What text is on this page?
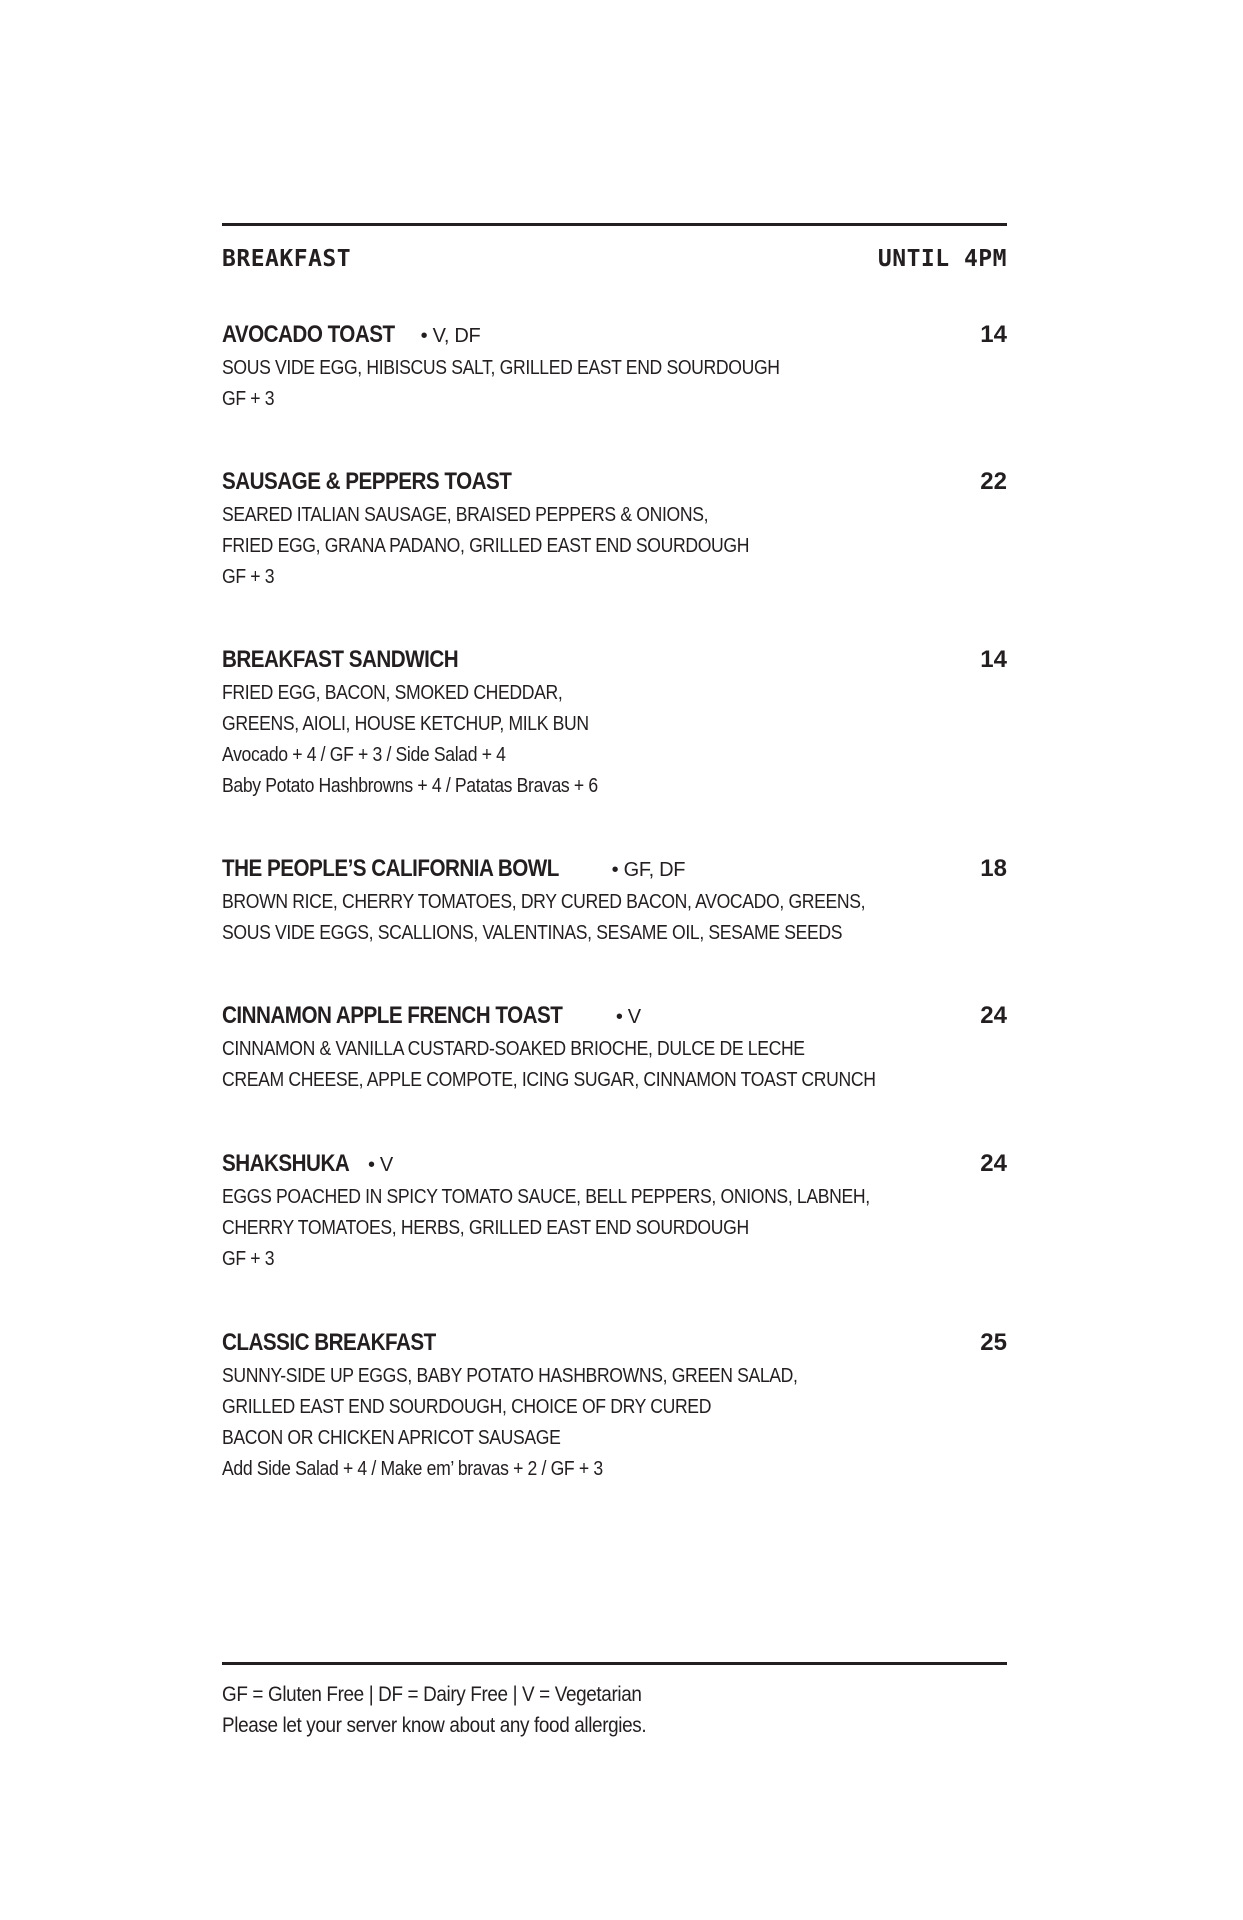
BREAKFAST	UNTIL 4PM
AVOCADO TOAST • V, DF	14
SOUS VIDE EGG, HIBISCUS SALT, GRILLED EAST END SOURDOUGH
GF + 3
SAUSAGE & PEPPERS TOAST	22
SEARED ITALIAN SAUSAGE, BRAISED PEPPERS & ONIONS,
FRIED EGG, GRANA PADANO, GRILLED EAST END SOURDOUGH
GF + 3
BREAKFAST SANDWICH	14
FRIED EGG, BACON, SMOKED CHEDDAR,
GREENS, AIOLI, HOUSE KETCHUP, MILK BUN
Avocado + 4 / GF + 3 / Side Salad + 4
Baby Potato Hashbrowns + 4 / Patatas Bravas + 6
THE PEOPLE’S CALIFORNIA BOWL	• GF, DF	18
BROWN RICE, CHERRY TOMATOES, DRY CURED BACON, AVOCADO, GREENS,
SOUS VIDE EGGS, SCALLIONS, VALENTINAS, SESAME OIL, SESAME SEEDS
CINNAMON APPLE FRENCH TOAST	• V	24
CINNAMON & VANILLA CUSTARD-SOAKED BRIOCHE, DULCE DE LECHE
CREAM CHEESE, APPLE COMPOTE, ICING SUGAR, CINNAMON TOAST CRUNCH
SHAKSHUKA • V	24
EGGS POACHED IN SPICY TOMATO SAUCE, BELL PEPPERS, ONIONS, LABNEH,
CHERRY TOMATOES, HERBS, GRILLED EAST END SOURDOUGH
GF + 3
CLASSIC BREAKFAST	25
SUNNY-SIDE UP EGGS, BABY POTATO HASHBROWNS, GREEN SALAD,
GRILLED EAST END SOURDOUGH, CHOICE OF DRY CURED
BACON OR CHICKEN APRICOT SAUSAGE
Add Side Salad + 4 / Make em’ bravas + 2 / GF + 3
GF = Gluten Free | DF = Dairy Free | V = Vegetarian
Please let your server know about any food allergies.
